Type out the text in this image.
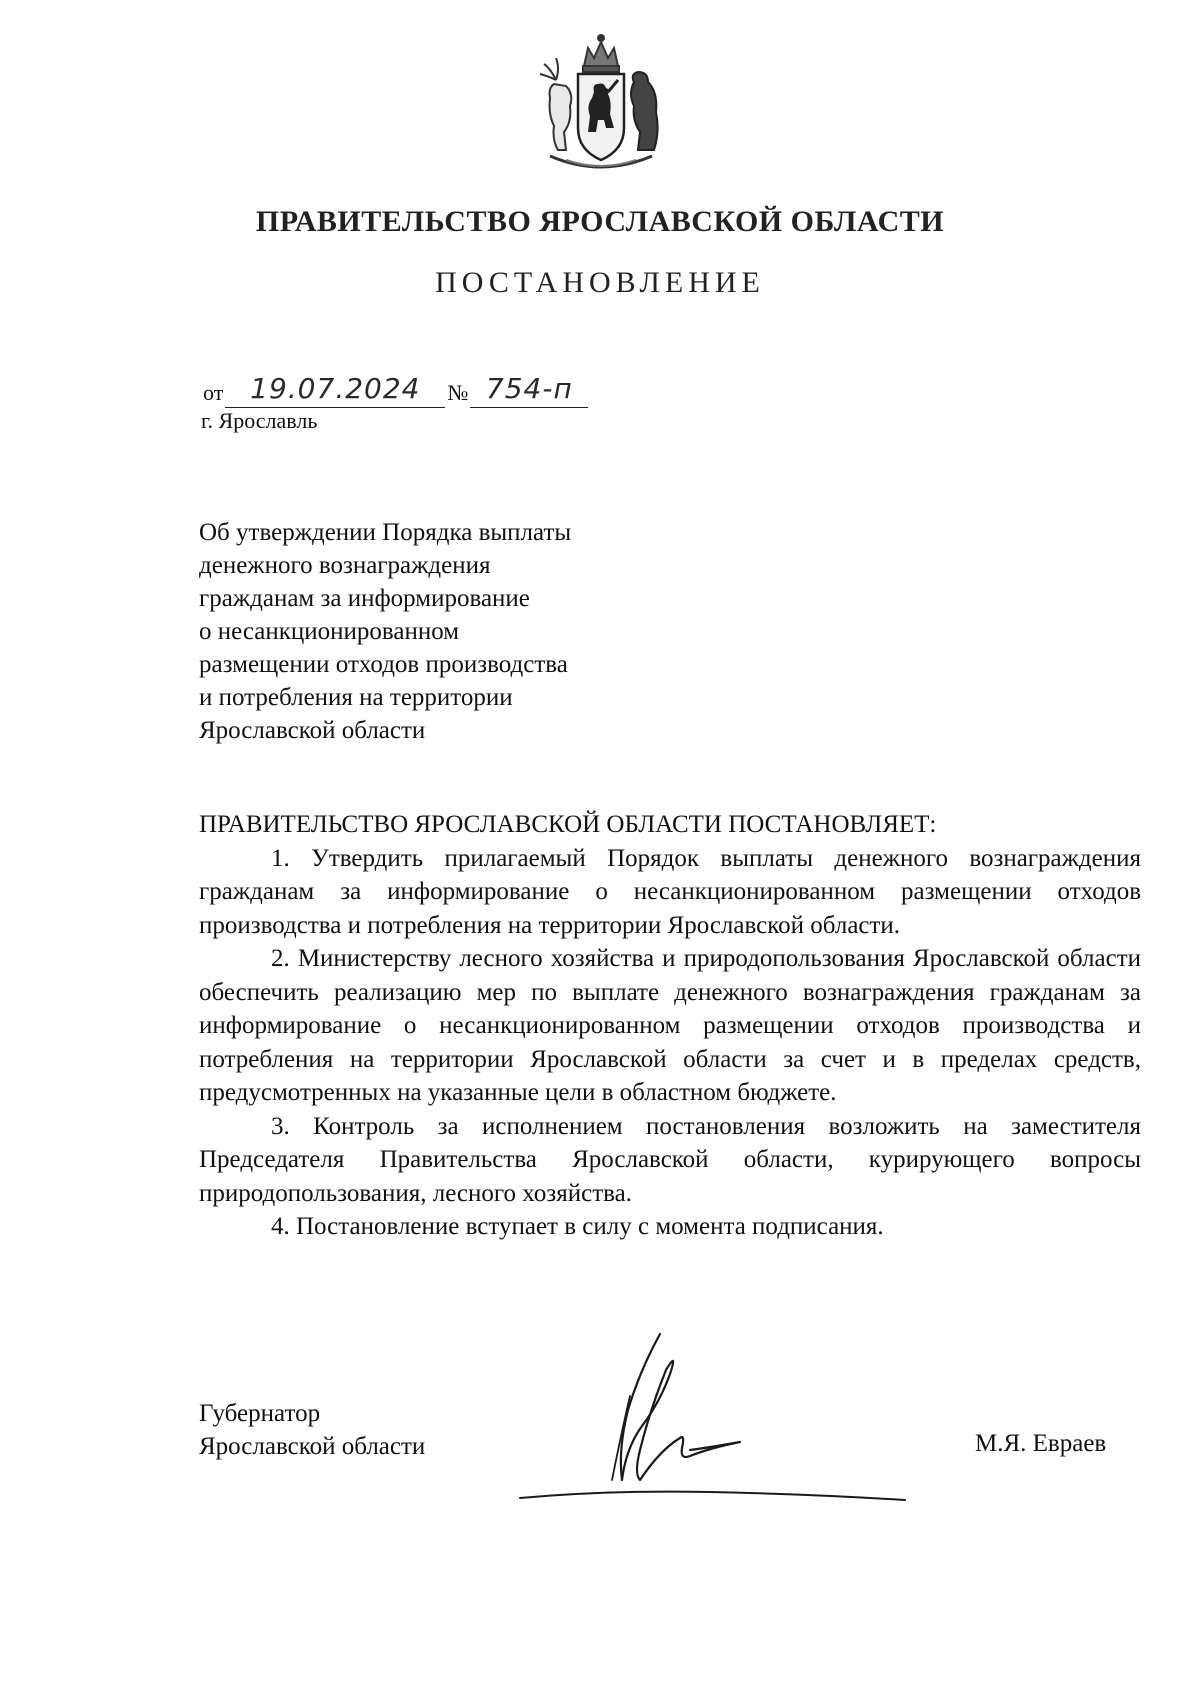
ПРАВИТЕЛЬСТВО ЯРОСЛАВСКОЙ ОБЛАСТИ
ПОСТАНОВЛЕНИЕ
от 19.07.2024	№ 754-п
г. Ярославль
Об утверждении Порядка выплаты
денежного вознаграждения
гражданам за информирование
о несанкционированном
размещении отходов производства
и потребления на территории
Ярославской области

ПРАВИТЕЛЬСТВО ЯРОСЛАВСКОЙ ОБЛАСТИ ПОСТАНОВЛЯЕТ:

1. Утвердить прилагаемый Порядок выплаты денежного вознаграждения гражданам за информирование о несанкционированном размещении отходов производства и потребления на территории Ярославской области.

2. Министерству лесного хозяйства и природопользования Ярославской области обеспечить реализацию мер по выплате денежного вознаграждения гражданам за информирование о несанкционированном размещении отходов производства и потребления на территории Ярославской области за счет и в пределах средств, предусмотренных на указанные цели в областном бюджете.

3. Контроль за исполнением постановления возложить на заместителя Председателя Правительства Ярославской области, курирующего вопросы природопользования, лесного хозяйства.

4. Постановление вступает в силу с момента подписания.

Губернатор
Ярославской области	М.Я. Евраев
